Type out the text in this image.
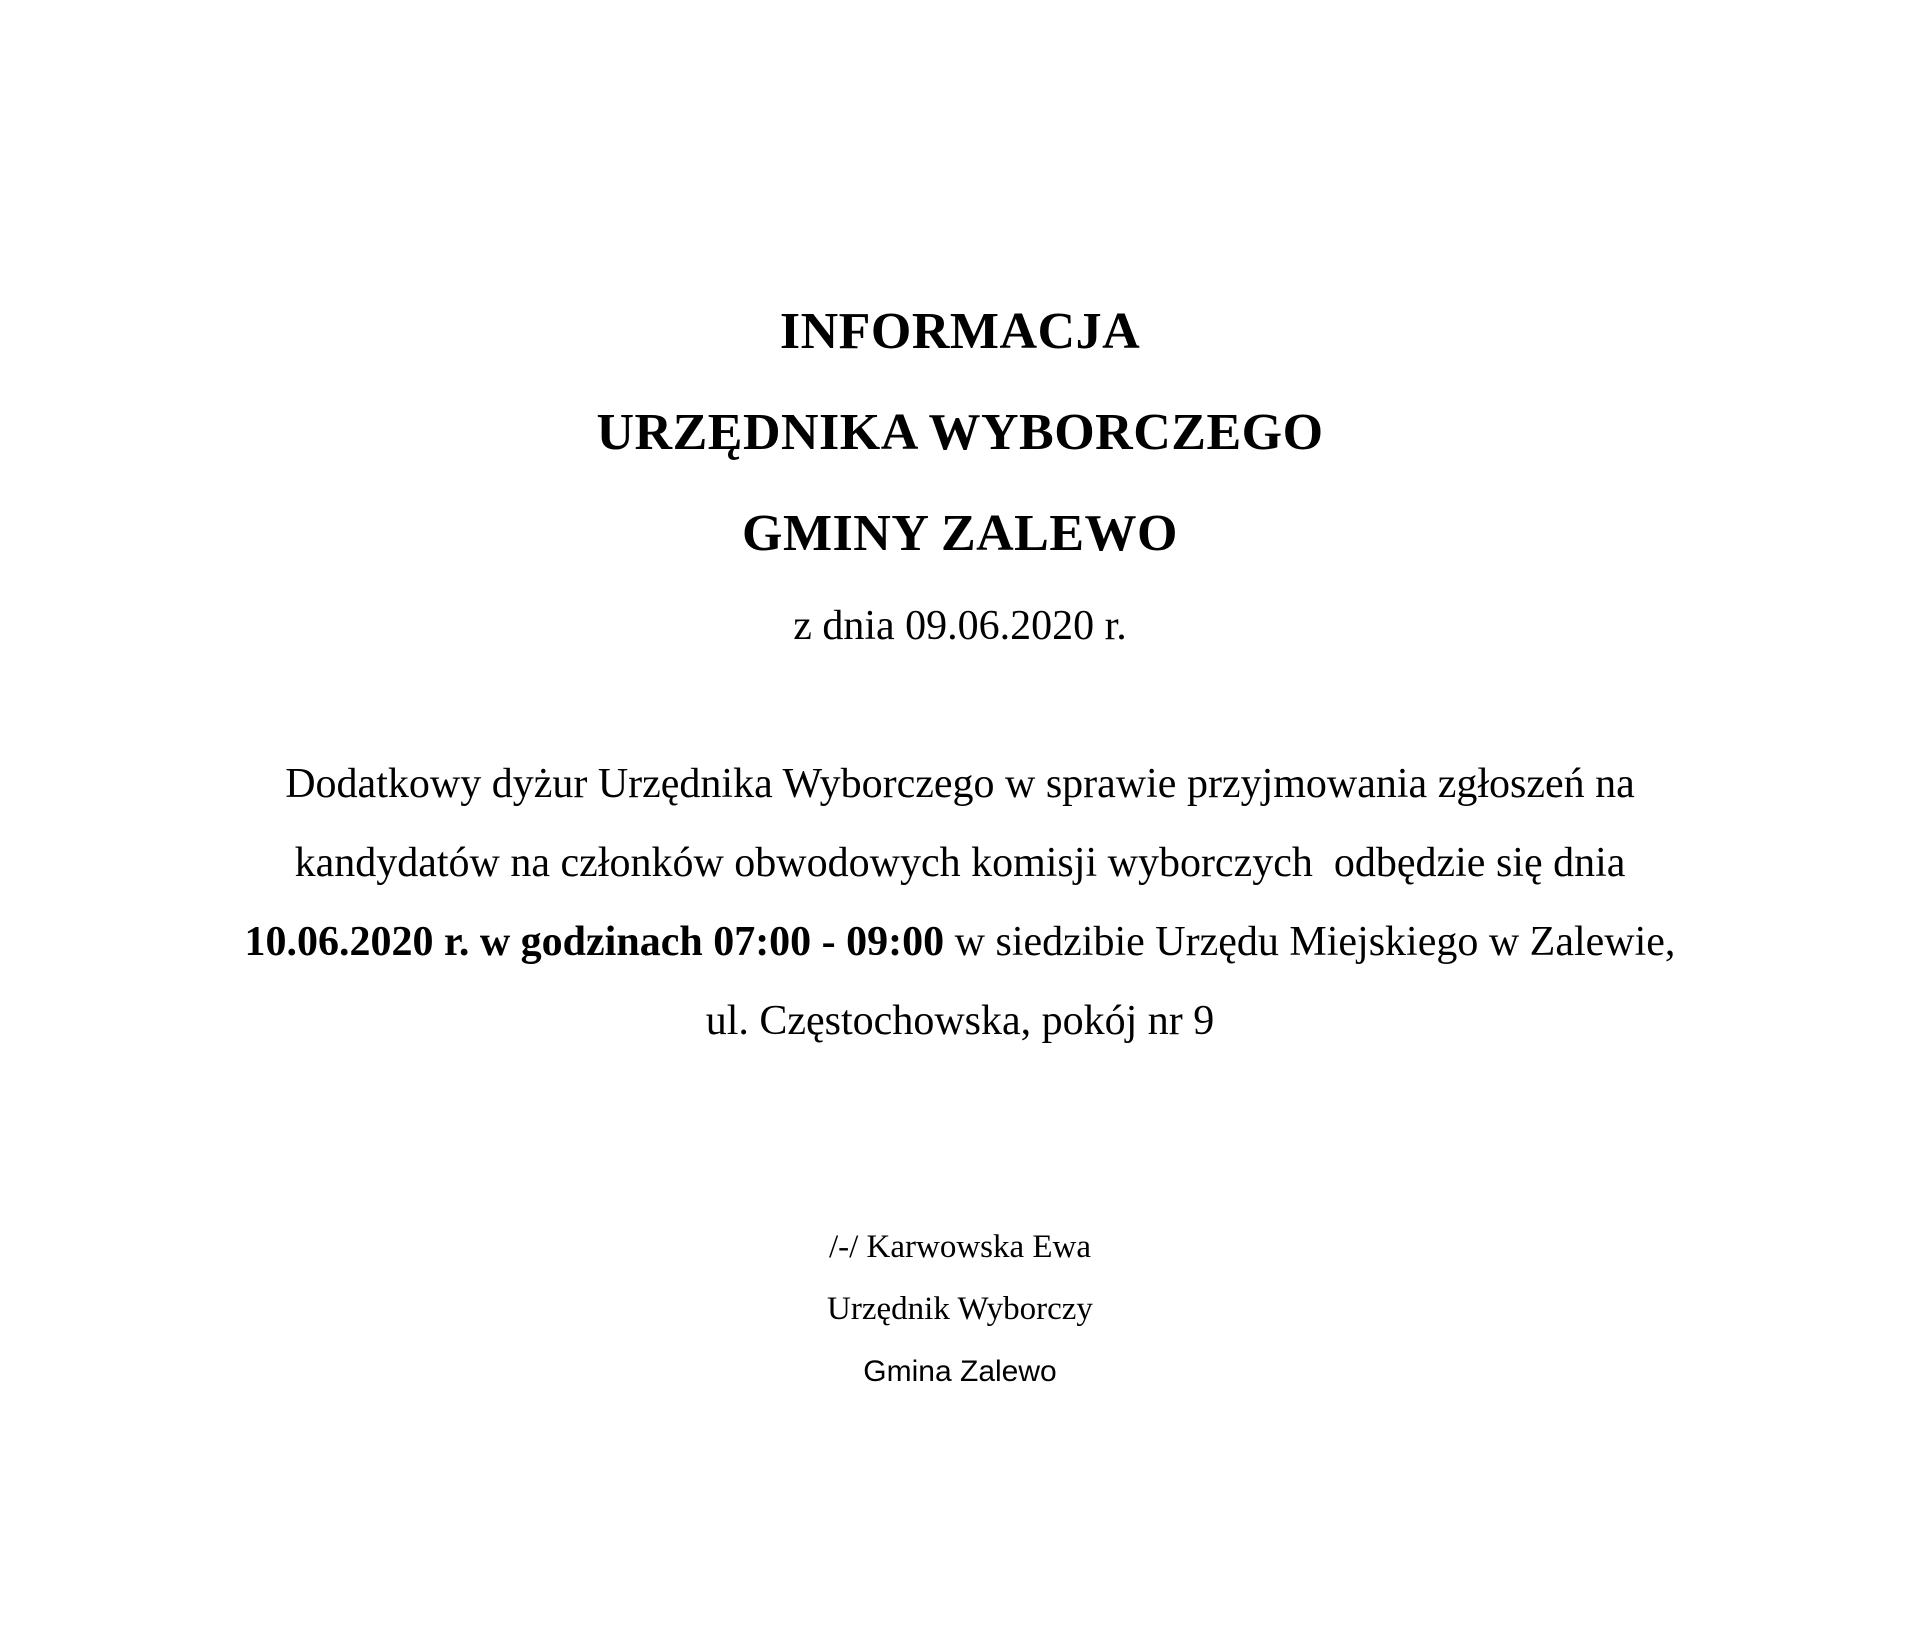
INFORMACJA
URZĘDNIKA WYBORCZEGO
GMINY ZALEWO
z dnia 09.06.2020 r.
Dodatkowy dyżur Urzędnika Wyborczego w sprawie przyjmowania zgłoszeń na
kandydatów na członków obwodowych komisji wyborczych  odbędzie się dnia
10.06.2020 r. w godzinach 07:00 - 09:00 w siedzibie Urzędu Miejskiego w Zalewie,
ul. Częstochowska, pokój nr 9
/-/ Karwowska Ewa
Urzędnik Wyborczy
Gmina Zalewo
